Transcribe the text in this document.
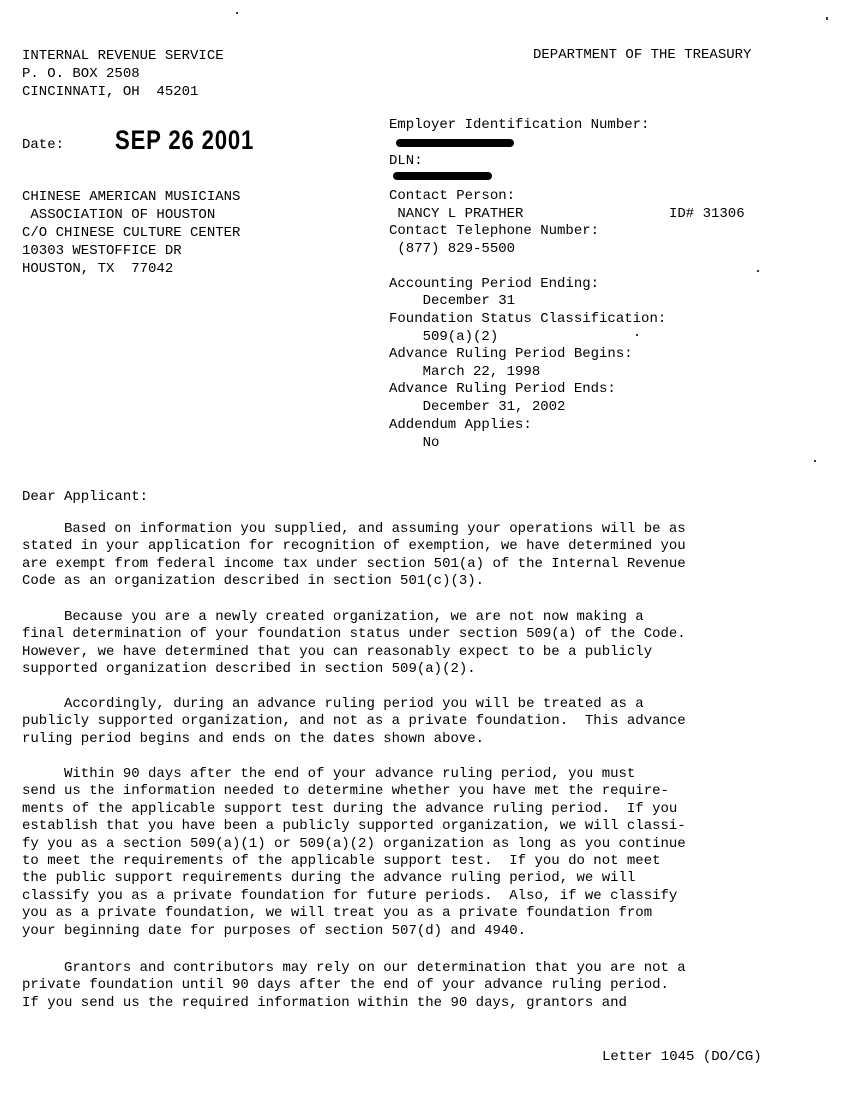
INTERNAL REVENUE SERVICE
P. O. BOX 2508
CINCINNATI, OH  45201
DEPARTMENT OF THE TREASURY
Date: SEP 26 2001
CHINESE AMERICAN MUSICIANS
ASSOCIATION OF HOUSTON
C/O CHINESE CULTURE CENTER
10303 WESTOFFICE DR
HOUSTON, TX  77042
Employer Identification Number:
DLN:
Contact Person:
NANCY L PRATHER	ID# 31306
Contact Telephone Number:
(877) 829-5500
Accounting Period Ending:
December 31
Foundation Status Classification:
509(a)(2)
Advance Ruling Period Begins:
March 22, 1998
Advance Ruling Period Ends:
December 31, 2002
Addendum Applies:
No
Dear Applicant:
Based on information you supplied, and assuming your operations will be as
stated in your application for recognition of exemption, we have determined you
are exempt from federal income tax under section 501(a) of the Internal Revenue
Code as an organization described in section 501(c)(3).
Because you are a newly created organization, we are not now making a
final determination of your foundation status under section 509(a) of the Code.
However, we have determined that you can reasonably expect to be a publicly
supported organization described in section 509(a)(2).
Accordingly, during an advance ruling period you will be treated as a
publicly supported organization, and not as a private foundation.  This advance
ruling period begins and ends on the dates shown above.
Within 90 days after the end of your advance ruling period, you must
send us the information needed to determine whether you have met the require-
ments of the applicable support test during the advance ruling period.  If you
establish that you have been a publicly supported organization, we will classi-
fy you as a section 509(a)(1) or 509(a)(2) organization as long as you continue
to meet the requirements of the applicable support test.  If you do not meet
the public support requirements during the advance ruling period, we will
classify you as a private foundation for future periods.  Also, if we classify
you as a private foundation, we will treat you as a private foundation from
your beginning date for purposes of section 507(d) and 4940.
Grantors and contributors may rely on our determination that you are not a
private foundation until 90 days after the end of your advance ruling period.
If you send us the required information within the 90 days, grantors and
Letter 1045 (DO/CG)
